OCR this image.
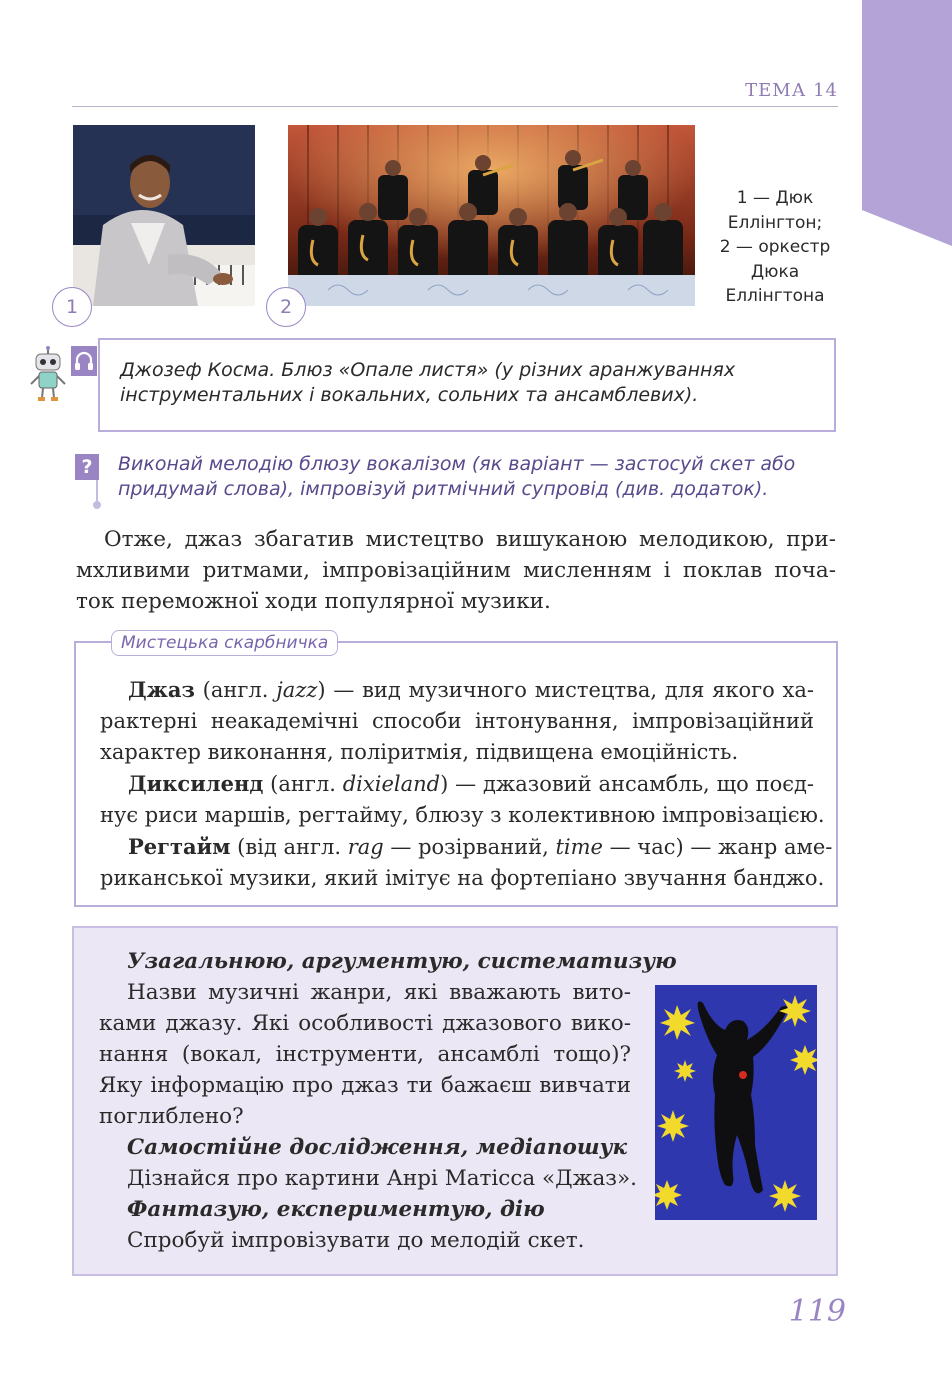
ТЕМА 14
1	2
1 — Дюк
Еллінгтон;
2 — оркестр
Дюка
Еллінгтона
Джозеф Косма. Блюз «Опале листя» (у різних аранжуваннях
інструментальних і вокальних, сольних та ансамблевих).
?	Виконай мелодію блюзу вокалізом (як варіант — застосуй скет або
придумай слова), імпровізуй ритмічний супровід (див. додаток).
Отже, джаз збагатив мистецтво вишуканою мелодикою, при-
мхливими ритмами, імпровізаційним мисленням і поклав поча-
ток переможної ходи популярної музики.
Мистецька скарбничка
Джаз (англ. jazz) — вид музичного мистецтва, для якого ха-
рактерні неакадемічні способи інтонування, імпровізаційний
характер виконання, поліритмія, підвищена емоційність.
Диксиленд (англ. dixieland) — джазовий ансамбль, що поєд-
нує риси маршів, регтайму, блюзу з колективною імпровізацією.
Регтайм (від англ. rag — розірваний, time — час) — жанр аме-
риканської музики, який імітує на фортепіано звучання банджо.
Узагальнюю, аргументую, систематизую
Назви музичні жанри, які вважають вито-
ками джазу. Які особливості джазового вико-
нання (вокал, інструменти, ансамблі тощо)?
Яку інформацію про джаз ти бажаєш вивчати
поглиблено?
Самостійне дослідження, медіапошук
Дізнайся про картини Анрі Матісса «Джаз».
Фантазую, експериментую, дію
Спробуй імпровізувати до мелодій скет.
119
